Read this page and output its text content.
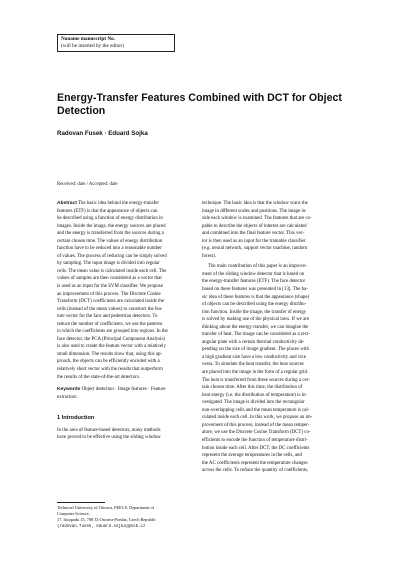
Noname manuscript No.
(will be inserted by the editor)
Energy-Transfer Features Combined with DCT for Object
Detection
Radovan Fusek · Eduard Sojka
Received: date / Accepted: date
Abstract The basic idea behind the energy-transfer
features (ETF) is that the appearance of objects can
be described using a function of energy distribution in
images. Inside the image, the energy sources are placed
and the energy is transferred from the sources during a
certain chosen time. The values of energy distribution
function have to be reduced into a reasonable number
of values. The process of reducing can be simply solved
by sampling. The input image is divided into regular
cells. The mean value is calculated inside each cell. The
values of samples are then considered as a vector that
is used as an input for the SVM classifier. We propose
an improvement of this process. The Discrete Cosine
Transform (DCT) coefficients are calculated inside the
cells (instead of the mean values) to construct the fea-
ture vector for the face and pedestrian detectors. To
reduce the number of coefficients, we use the patterns
in which the coefficients are grouped into regions. In the
face detector, the PCA (Principal Component Analysis)
is also used to create the feature vector with a relatively
small dimension. The results show that, using this ap-
proach, the objects can be efficiently encoded with a
relatively short vector with the results that outperform
the results of the state-of-the-art detectors.
Keywords Object detection · Image features · Feature
extraction
1 Introduction
In the area of feature-based detectors, many methods
have proved to be effective using the sliding window
Technical University of Ostrava, FEECS, Department of
Computer Science,
17. listopadu 15, 708 33 Ostrava-Poruba, Czech Republic
{radovan.fusek, eduard.sojka}@vsb.cz
technique. The basic idea is that the window scans the
image in different scales and positions. The image in-
side each window is examined. The features that are ca-
pable to describe the objects of interest are calculated
and combined into the final feature vector. This vec-
tor is then used as an input for the trainable classifier
(e.g. neural network, support vector machine, random
forest).
The main contribution of this paper is an improve-
ment of the sliding window detector that is based on
the energy-transfer features (ETF). The face detector
based on these features was presented in [13]. The ba-
sic idea of these features is that the appearance (shape)
of objects can be described using the energy distribu-
tion function. Inside the image, the transfer of energy
is solved by making use of the physical laws. If we are
thinking about the energy transfer, we can imagine the
transfer of heat. The image can be considered as a rect-
angular plate with a certain thermal conductivity de-
pending on the size of image gradient. The places with
a high gradient size have a low conductivity and vice
versa. To simulate the heat transfer, the heat sources
are placed into the image in the form of a regular grid.
The heat is transferred from these sources during a cer-
tain chosen time. After this time, the distribution of
heat energy (i.e. the distribution of temperature) is in-
vestigated. The image is divided into the rectangular
non-overlapping cells and the mean temperature is cal-
culated inside each cell. In this work, we propose an im-
provement of this process, instead of the mean temper-
ature, we use the Discrete Cosine Transform (DCT) co-
efficients to encode the function of temperature distri-
bution inside each cell. After DCT, the DC coefficients
represent the average temperatures in the cells, and
the AC coefficients represent the temperature changes
across the cells. To reduce the quantity of coefficients,
